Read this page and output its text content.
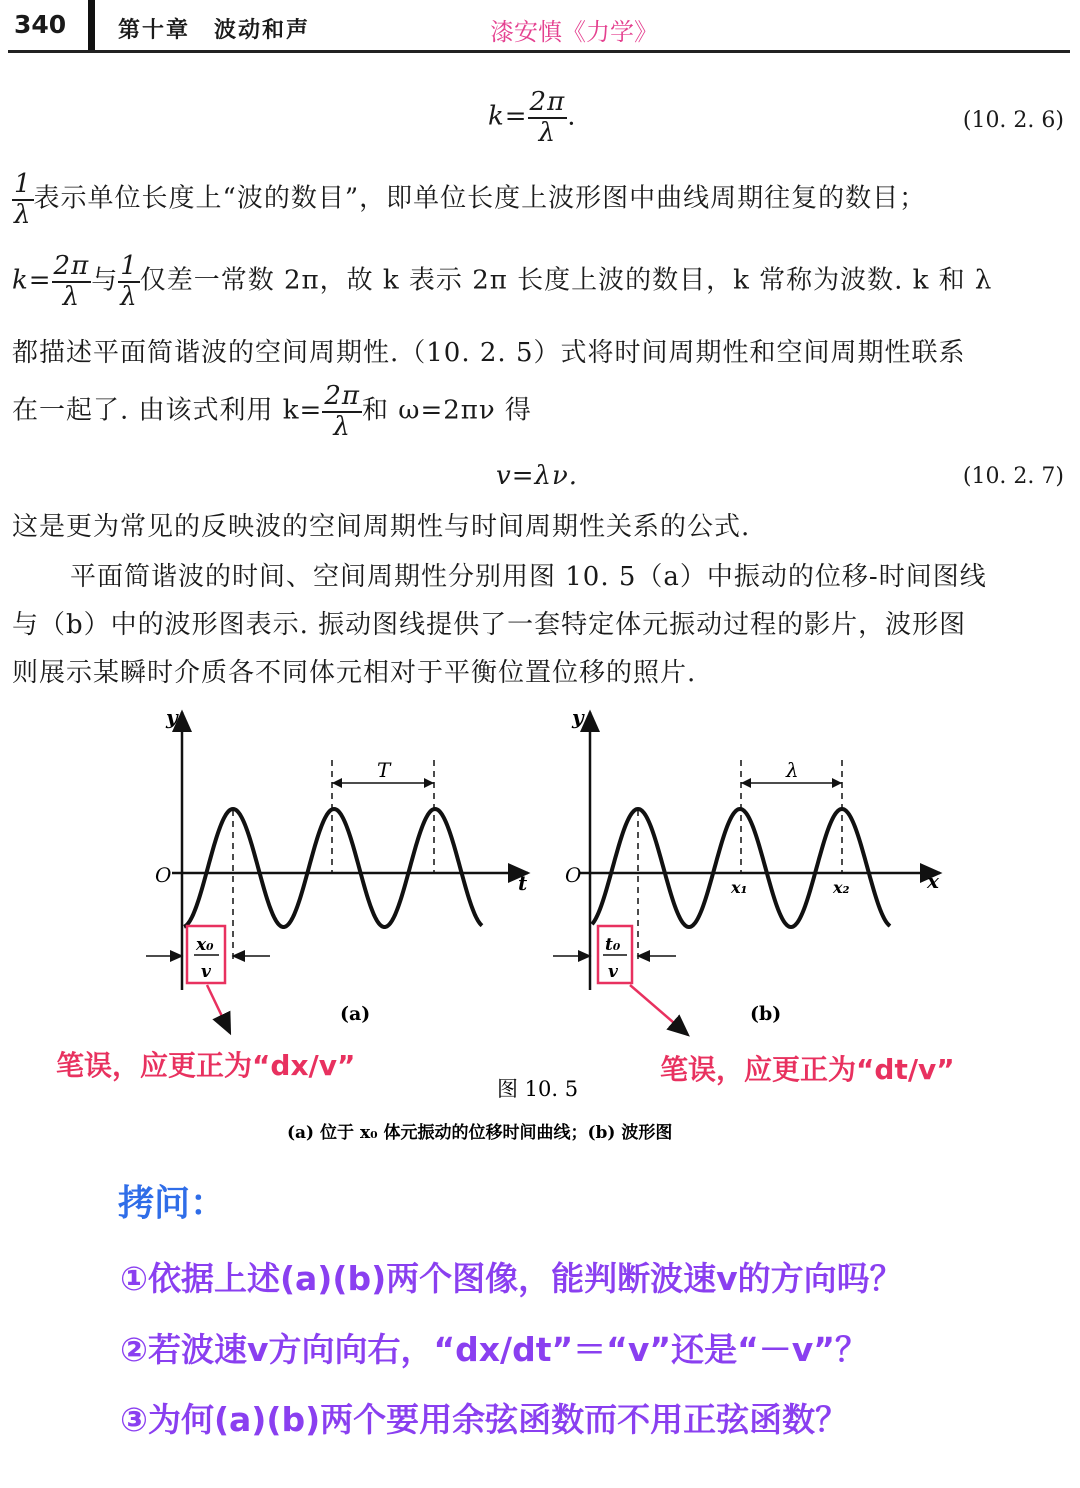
340 第十章　波动和声	漆安慎《力学》
$k= \frac{2\pi}{\lambda}$ .	(10. 2. 6)
$\frac{1}{\lambda}$ 表示单位长度上“波的数目”，即单位长度上波形图中曲线周期往复的数目；
$k= \frac{2\pi}{\lambda}$ 与 $\frac{1}{\lambda}$ 仅差一常数 2π，故 k 表示 2π 长度上波的数目，k 常称为波数. k 和 λ
都描述平面简谐波的空间周期性.（10. 2. 5）式将时间周期性和空间周期性联系
在一起了. 由该式利用 $k= \frac{2\pi}{\lambda}$ 和 ω=2πν 得
v=λν.	(10. 2. 7)
这是更为常见的反映波的空间周期性与时间周期性关系的公式.
平面简谐波的时间、空间周期性分别用图 10. 5（a）中振动的位移-时间图线
与（b）中的波形图表示. 振动图线提供了一套特定体元振动过程的影片，波形图
则展示某瞬时介质各不同体元相对于平衡位置位移的照片.
y
O	t
T
x₀
v
(a)
y
O	x
λ
x₁	x₂
t₀
v
(b)
图 10. 5
(a) 位于 x₀ 体元振动的位移时间曲线；(b) 波形图
笔误，应更正为“dx/v”	笔误，应更正为“dt/v”
拷问：
①依据上述(a)(b)两个图像，能判断波速v的方向吗？
②若波速v方向向右，“dx/dt”＝“v”还是“－v”？
③为何(a)(b)两个要用余弦函数而不用正弦函数？
